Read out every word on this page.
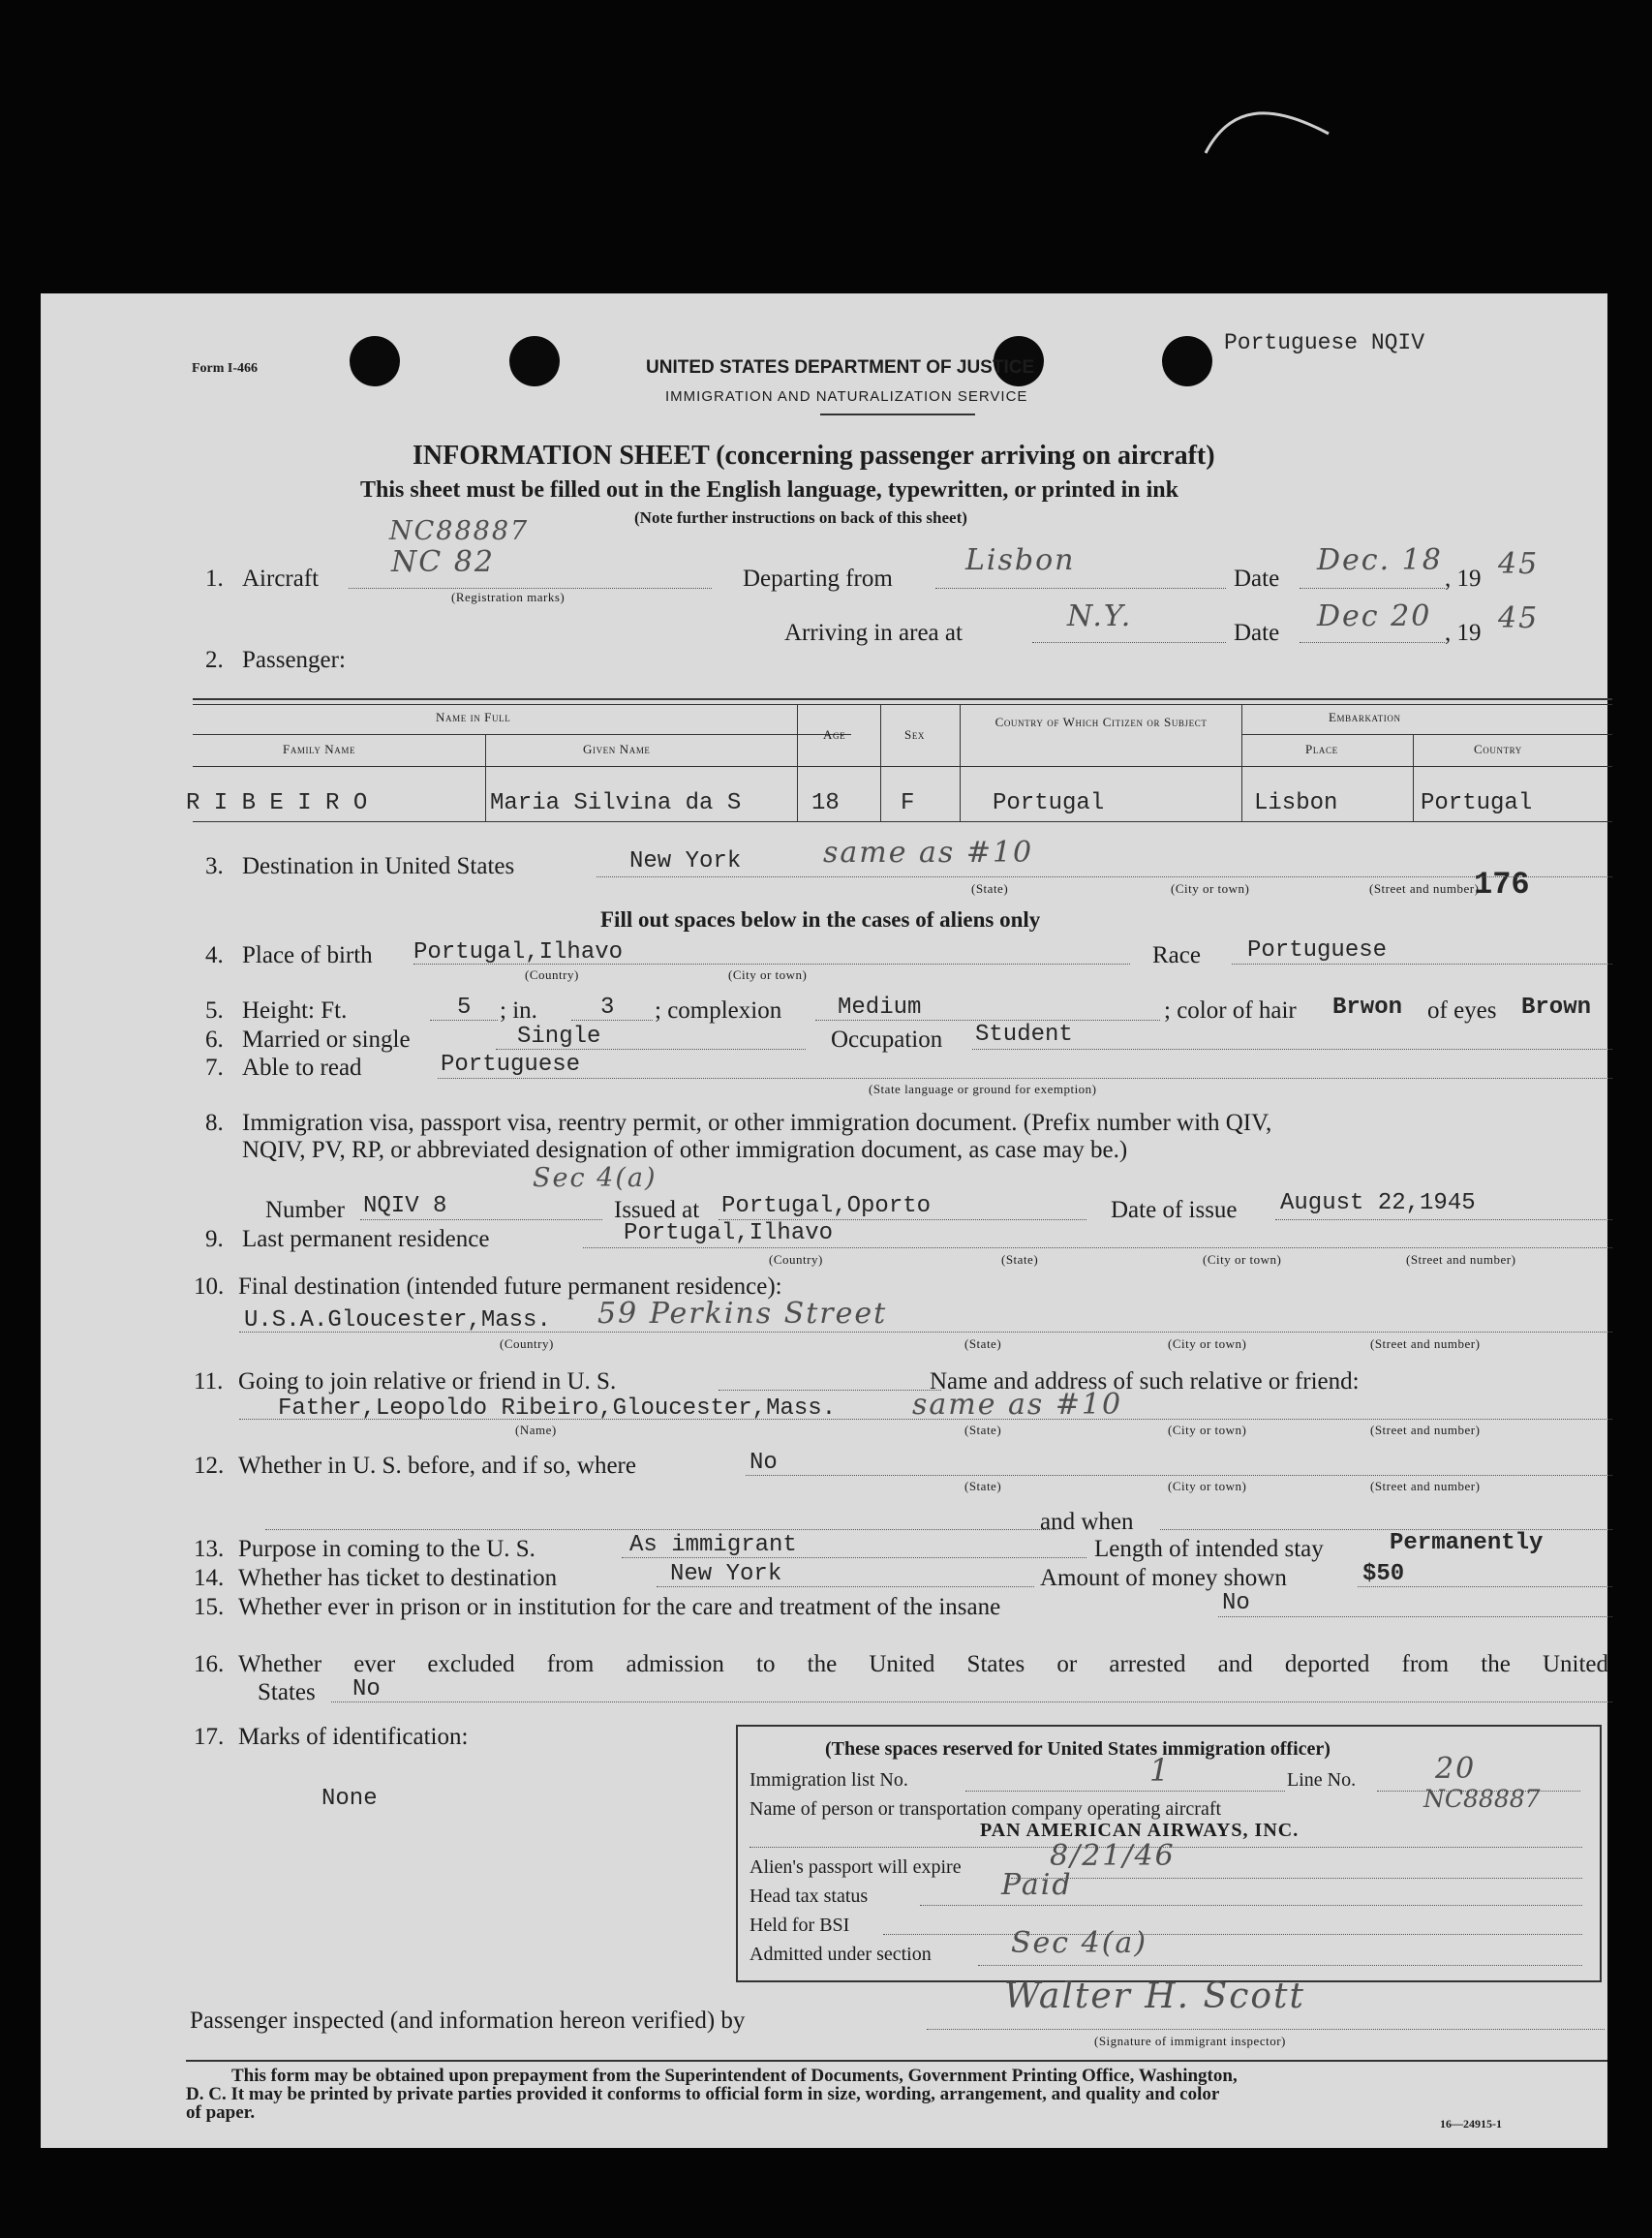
Portuguese NQIV
Form I-466	UNITED STATES DEPARTMENT OF JUSTICE
IMMIGRATION AND NATURALIZATION SERVICE
INFORMATION SHEET (concerning passenger arriving on aircraft)
This sheet must be filled out in the English language, typewritten, or printed in ink
(Note further instructions on back of this sheet)
NC88887
1. Aircraft NC 82
(Registration marks)
Departing from
Lisbon
Date
Dec. 18
, 19 45
Arriving in area at	N.Y.	Date Dec 20 , 19 45
2. Passenger:
Name in Full
Family Name	Given Name
Age	Sex
Country of Which Citizen or Subject	Embarkation
Place	Country
R I B E I R O	Maria Silvina da S	18	F	Portugal	Lisbon	Portugal
3. Destination in United States	New York	same as #10
176
(State)	(City or town)	(Street and number)
Fill out spaces below in the cases of aliens only
4. Place of birth Portugal,Ilhavo
(Country)	(City or town)
Race Portuguese
5. Height: Ft.	5 ; in.	3 ; complexion Medium	; color of hair Brwon of eyes Brown
6. Married or single	Single	Occupation Student
7. Able to read	Portuguese
(State language or ground for exemption)
8. Immigration visa, passport visa, reentry permit, or other immigration document. (Prefix number with QIV,
NQIV, PV, RP, or abbreviated designation of other immigration document, as case may be.)
Sec 4(a)
Number NQIV 8	Issued at Portugal,Oporto	Date of issue August 22,1945
9. Last permanent residence	Portugal,Ilhavo
(Country)	(State)	(City or town)	(Street and number)
10. Final destination (intended future permanent residence):
U.S.A.Gloucester,Mass. 59 Perkins Street
(Country)	(State)	(City or town)	(Street and number)
11. Going to join relative or friend in U. S.	Name and address of such relative or friend:
Father,Leopoldo Ribeiro,Gloucester,Mass.	same as #10
(Name)	(State)	(City or town)	(Street and number)
12. Whether in U. S. before, and if so, where	No
(State)	(City or town)	(Street and number)
and when
13. Purpose in coming to the U. S.	As immigrant	Length of intended stay	Permanently
14. Whether has ticket to destination	New York	Amount of money shown	$50
15. Whether ever in prison or in institution for the care and treatment of the insane	No
16. Whether ever excluded from admission to the United States or arrested and deported from the United
States No
17. Marks of identification:
None
(These spaces reserved for United States immigration officer)
Immigration list No.	1	Line No.	20
Name of person or transportation company operating aircraft	NC88887
PAN AMERICAN AIRWAYS, INC.
Alien's passport will expire	8/21/46
Head tax status	Paid
Held for BSI
Admitted under section	Sec 4(a)
Passenger inspected (and information hereon verified) by
Walter H. Scott
(Signature of immigrant inspector)
This form may be obtained upon prepayment from the Superintendent of Documents, Government Printing Office, Washington,
D. C. It may be printed by private parties provided it conforms to official form in size, wording, arrangement, and quality and color
of paper.
16—24915-1
